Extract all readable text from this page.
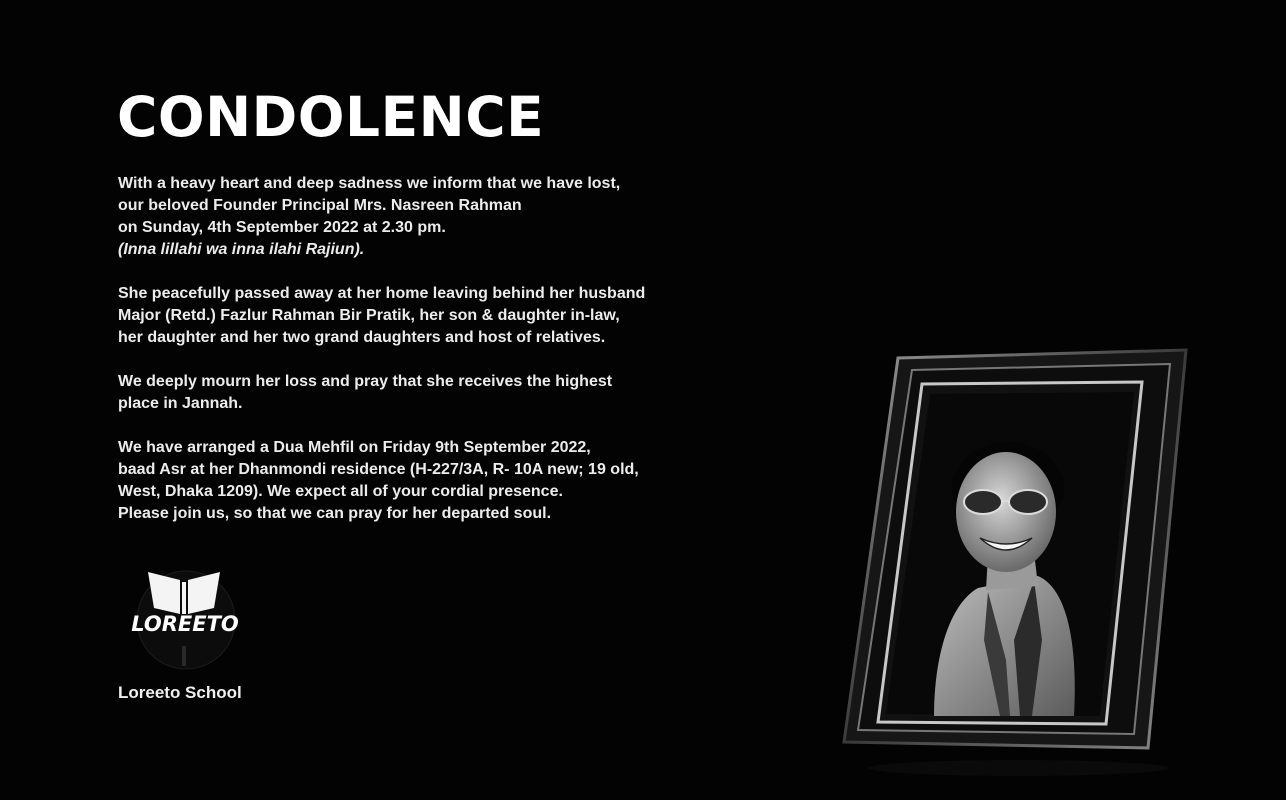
CONDOLENCE

With a heavy heart and deep sadness we inform that we have lost,
our beloved Founder Principal Mrs. Nasreen Rahman
on Sunday, 4th September 2022 at 2.30 pm.
(Inna lillahi wa inna ilahi Rajiun).

She peacefully passed away at her home leaving behind her husband
Major (Retd.) Fazlur Rahman Bir Pratik, her son & daughter in-law,
her daughter and her two grand daughters and host of relatives.

We deeply mourn her loss and pray that she receives the highest
place in Jannah.

We have arranged a Dua Mehfil on Friday 9th September 2022,
baad Asr at her Dhanmondi residence (H-227/3A, R- 10A new; 19 old,
West, Dhaka 1209). We expect all of your cordial presence.
Please join us, so that we can pray for her departed soul.

LOREETO
Loreeto School
